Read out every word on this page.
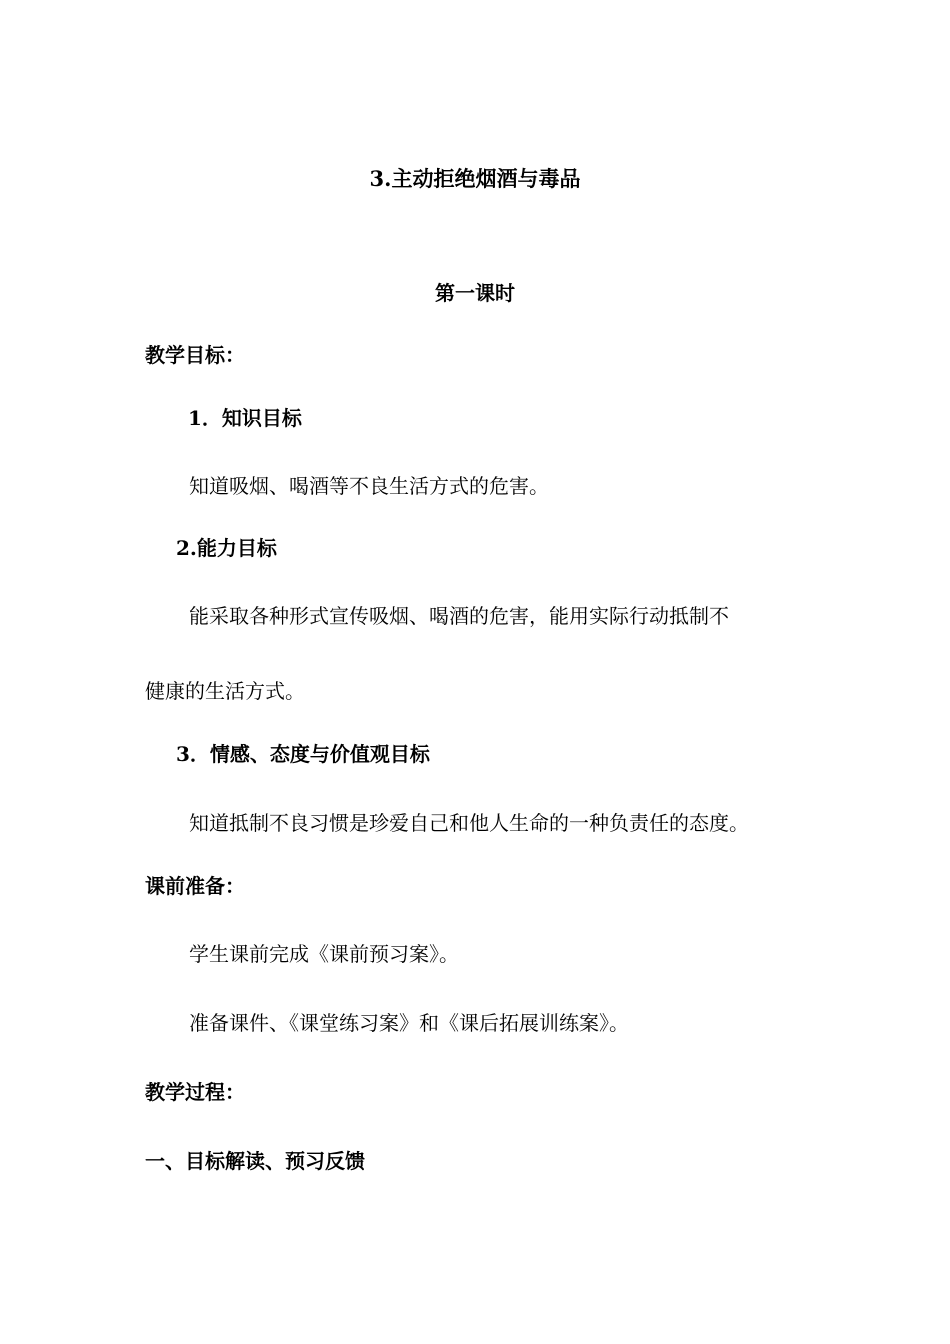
3.主动拒绝烟酒与毒品
第一课时
教学目标：
1．知识目标

知道吸烟、喝酒等不良生活方式的危害。

2.能力目标

能采取各种形式宣传吸烟、喝酒的危害，能用实际行动抵制不

健康的生活方式。

3．情感、态度与价值观目标

知道抵制不良习惯是珍爱自己和他人生命的一种负责任的态度。

课前准备：

学生课前完成《课前预习案》。

准备课件、《课堂练习案》和《课后拓展训练案》。

教学过程：
一、目标解读、预习反馈
